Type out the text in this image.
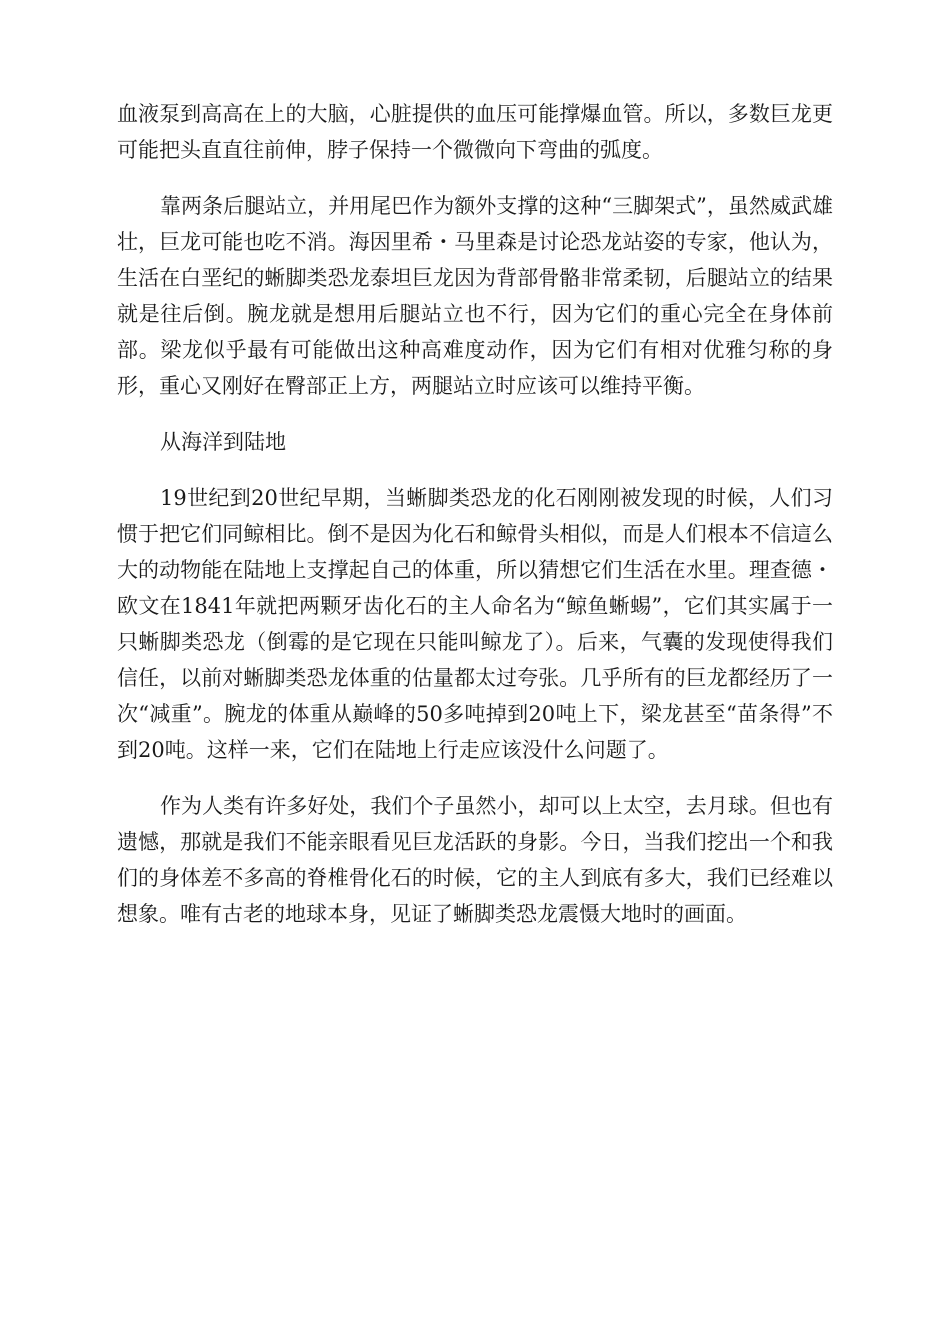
血液泵到高高在上的大脑，心脏提供的血压可能撑爆血管。所以，多数巨龙更可能把头直直往前伸，脖子保持一个微微向下弯曲的弧度。

靠两条后腿站立，并用尾巴作为额外支撑的这种“三脚架式”，虽然威武雄壮，巨龙可能也吃不消。海因里希・马里森是讨论恐龙站姿的专家，他认为，生活在白垩纪的蜥脚类恐龙泰坦巨龙因为背部骨骼非常柔韧，后腿站立的结果就是往后倒。腕龙就是想用后腿站立也不行，因为它们的重心完全在身体前部。梁龙似乎最有可能做出这种高难度动作，因为它们有相对优雅匀称的身形，重心又刚好在臀部正上方，两腿站立时应该可以维持平衡。

从海洋到陆地

19世纪到20世纪早期，当蜥脚类恐龙的化石刚刚被发现的时候，人们习惯于把它们同鲸相比。倒不是因为化石和鲸骨头相似，而是人们根本不信這么大的动物能在陆地上支撑起自己的体重，所以猜想它们生活在水里。理查德・欧文在1841年就把两颗牙齿化石的主人命名为“鲸鱼蜥蜴”，它们其实属于一只蜥脚类恐龙（倒霉的是它现在只能叫鲸龙了）。后来，气囊的发现使得我们信任，以前对蜥脚类恐龙体重的估量都太过夸张。几乎所有的巨龙都经历了一次“减重”。腕龙的体重从巅峰的50多吨掉到20吨上下，梁龙甚至“苗条得”不到20吨。这样一来，它们在陆地上行走应该没什么问题了。

作为人类有许多好处，我们个子虽然小，却可以上太空，去月球。但也有遗憾，那就是我们不能亲眼看见巨龙活跃的身影。今日，当我们挖出一个和我们的身体差不多高的脊椎骨化石的时候，它的主人到底有多大，我们已经难以想象。唯有古老的地球本身，见证了蜥脚类恐龙震慑大地时的画面。
